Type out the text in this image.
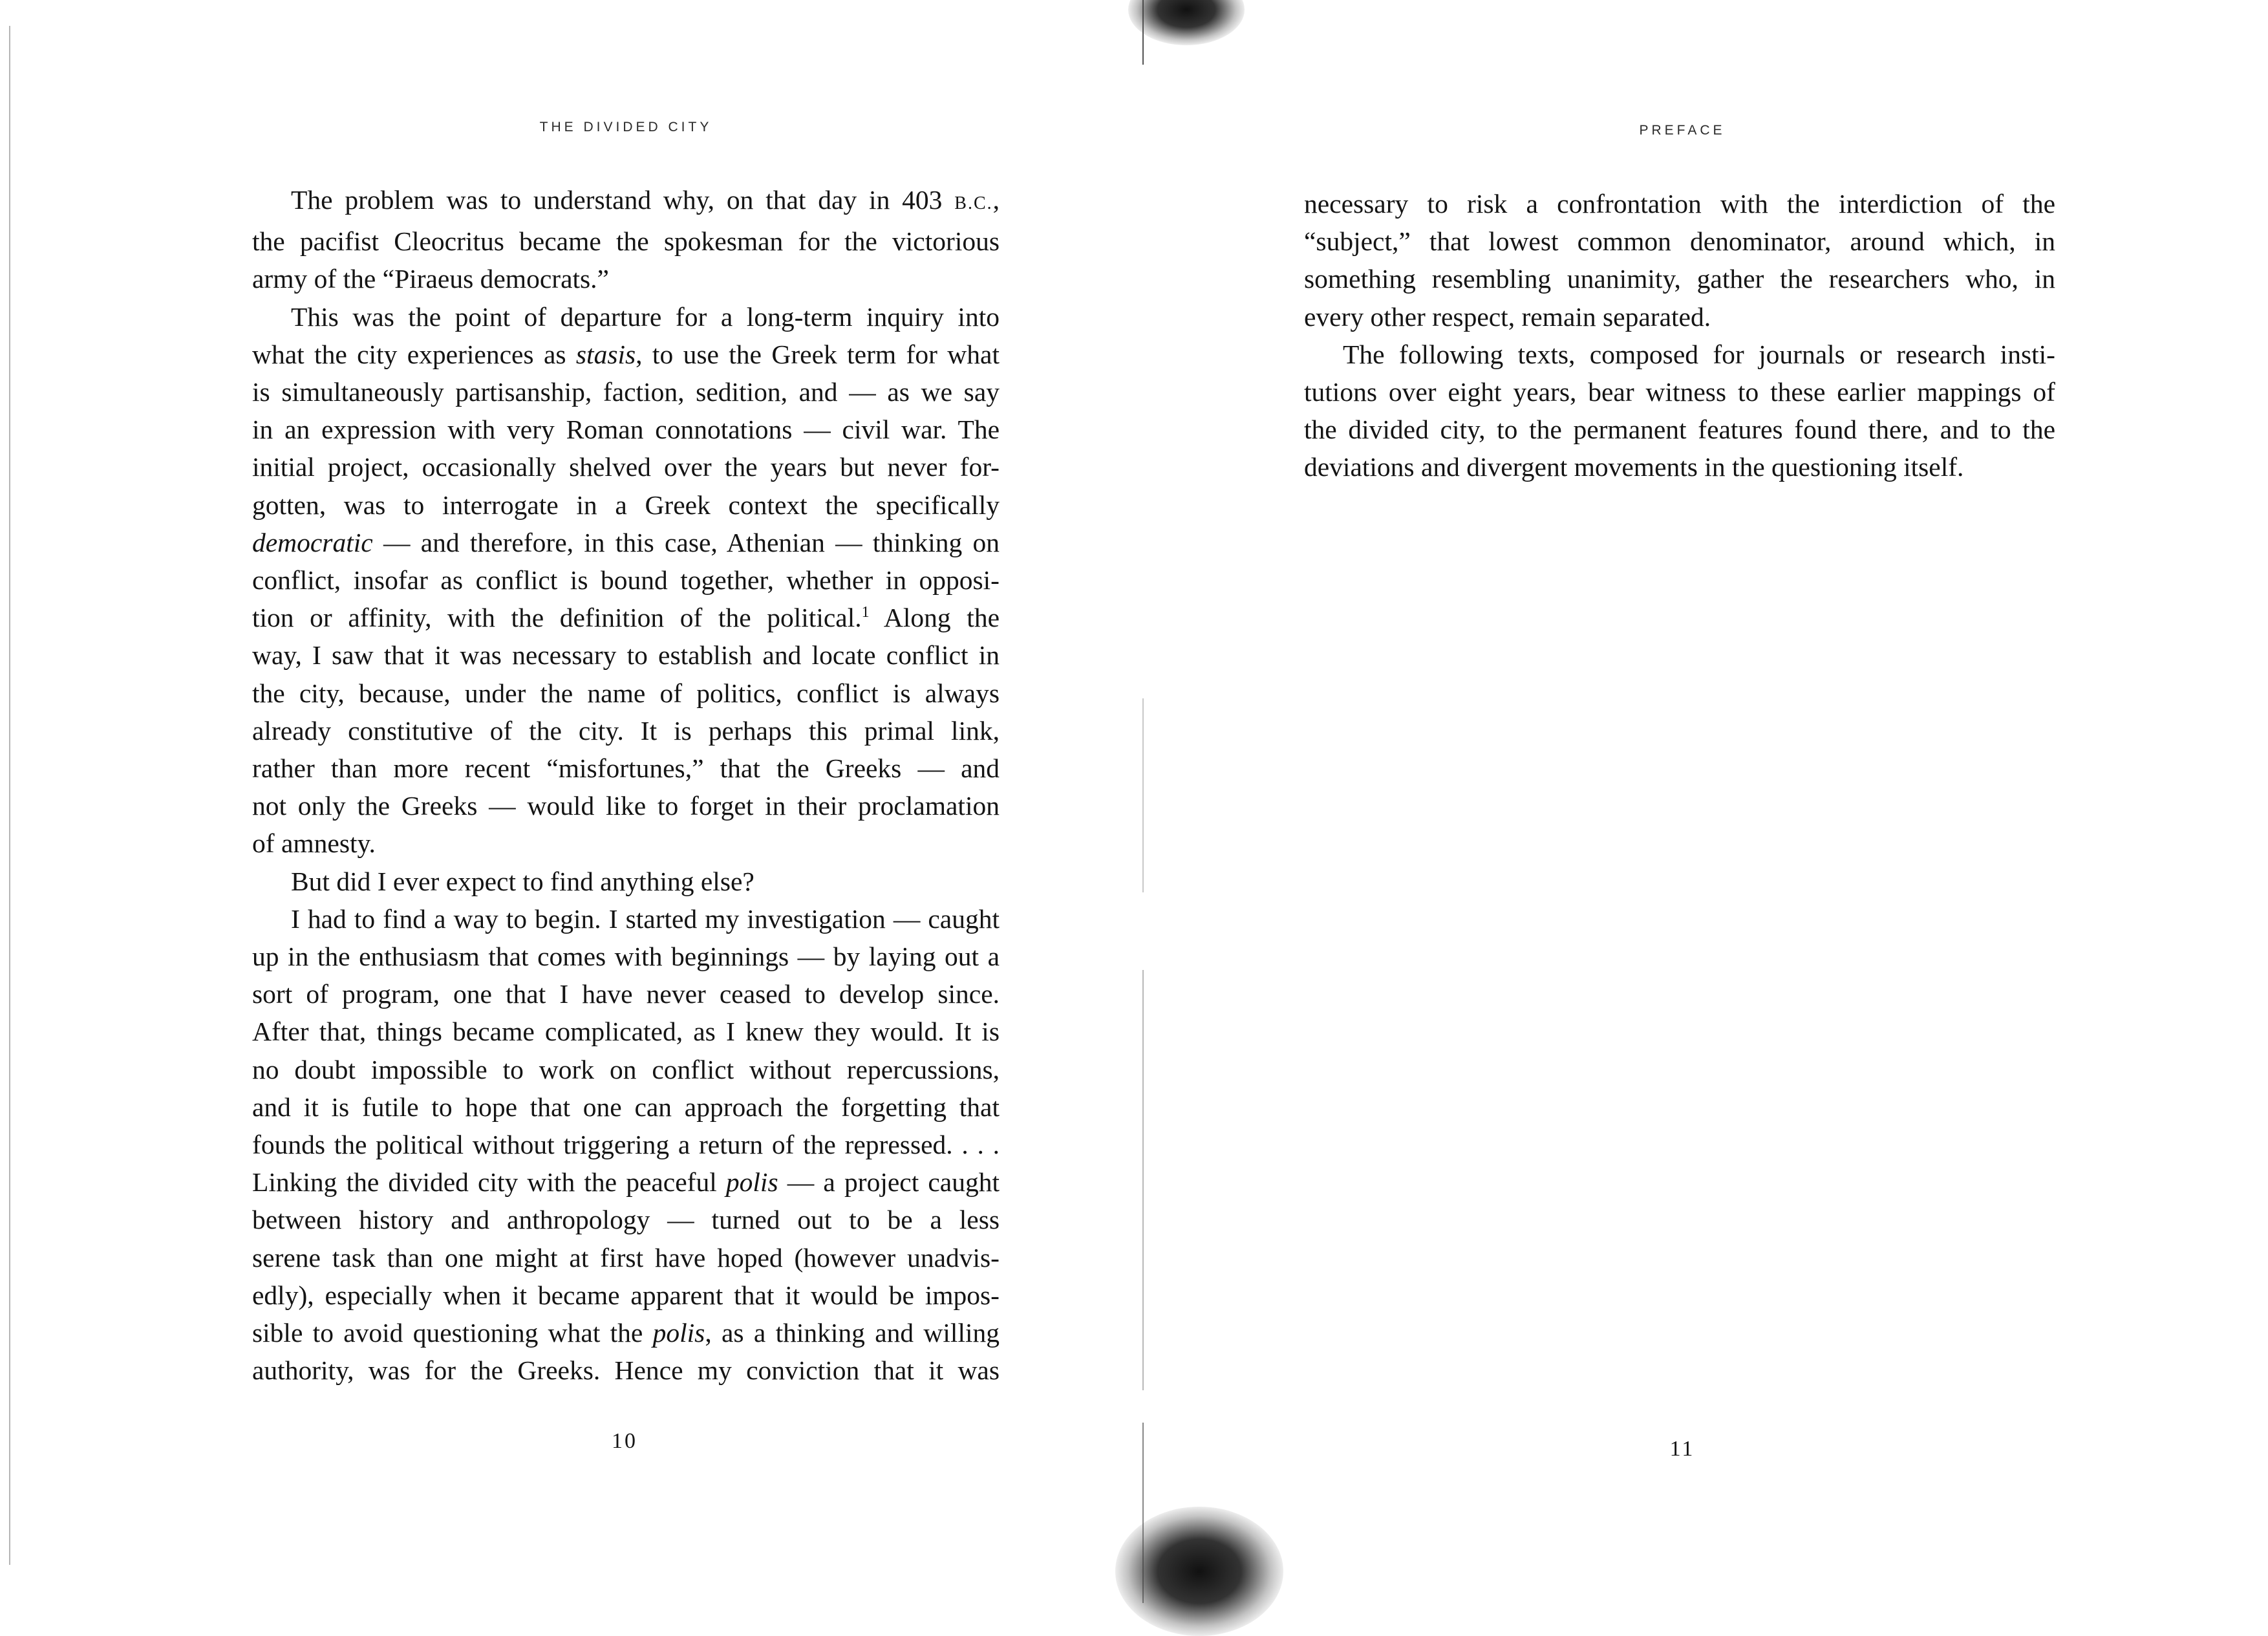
THE DIVIDED CITY
The problem was to understand why, on that day in 403 B.C.,
the pacifist Cleocritus became the spokesman for the victorious
army of the “Piraeus democrats.”
This was the point of departure for a long-term inquiry into
what the city experiences as stasis, to use the Greek term for what
is simultaneously partisanship, faction, sedition, and — as we say
in an expression with very Roman connotations — civil war. The
initial project, occasionally shelved over the years but never for-
gotten, was to interrogate in a Greek context the specifically
democratic — and therefore, in this case, Athenian — thinking on
conflict, insofar as conflict is bound together, whether in opposi-
tion or affinity, with the definition of the political.$^1$ Along the
way, I saw that it was necessary to establish and locate conflict in
the city, because, under the name of politics, conflict is always
already constitutive of the city. It is perhaps this primal link,
rather than more recent “misfortunes,” that the Greeks — and
not only the Greeks — would like to forget in their proclamation
of amnesty.
But did I ever expect to find anything else?
I had to find a way to begin. I started my investigation — caught
up in the enthusiasm that comes with beginnings — by laying out a
sort of program, one that I have never ceased to develop since.
After that, things became complicated, as I knew they would. It is
no doubt impossible to work on conflict without repercussions,
and it is futile to hope that one can approach the forgetting that
founds the political without triggering a return of the repressed. . . .
Linking the divided city with the peaceful polis — a project caught
between history and anthropology — turned out to be a less
serene task than one might at first have hoped (however unadvis-
edly), especially when it became apparent that it would be impos-
sible to avoid questioning what the polis, as a thinking and willing
authority, was for the Greeks. Hence my conviction that it was
10
PREFACE
necessary to risk a confrontation with the interdiction of the
“subject,” that lowest common denominator, around which, in
something resembling unanimity, gather the researchers who, in
every other respect, remain separated.
The following texts, composed for journals or research insti-
tutions over eight years, bear witness to these earlier mappings of
the divided city, to the permanent features found there, and to the
deviations and divergent movements in the questioning itself.
11
